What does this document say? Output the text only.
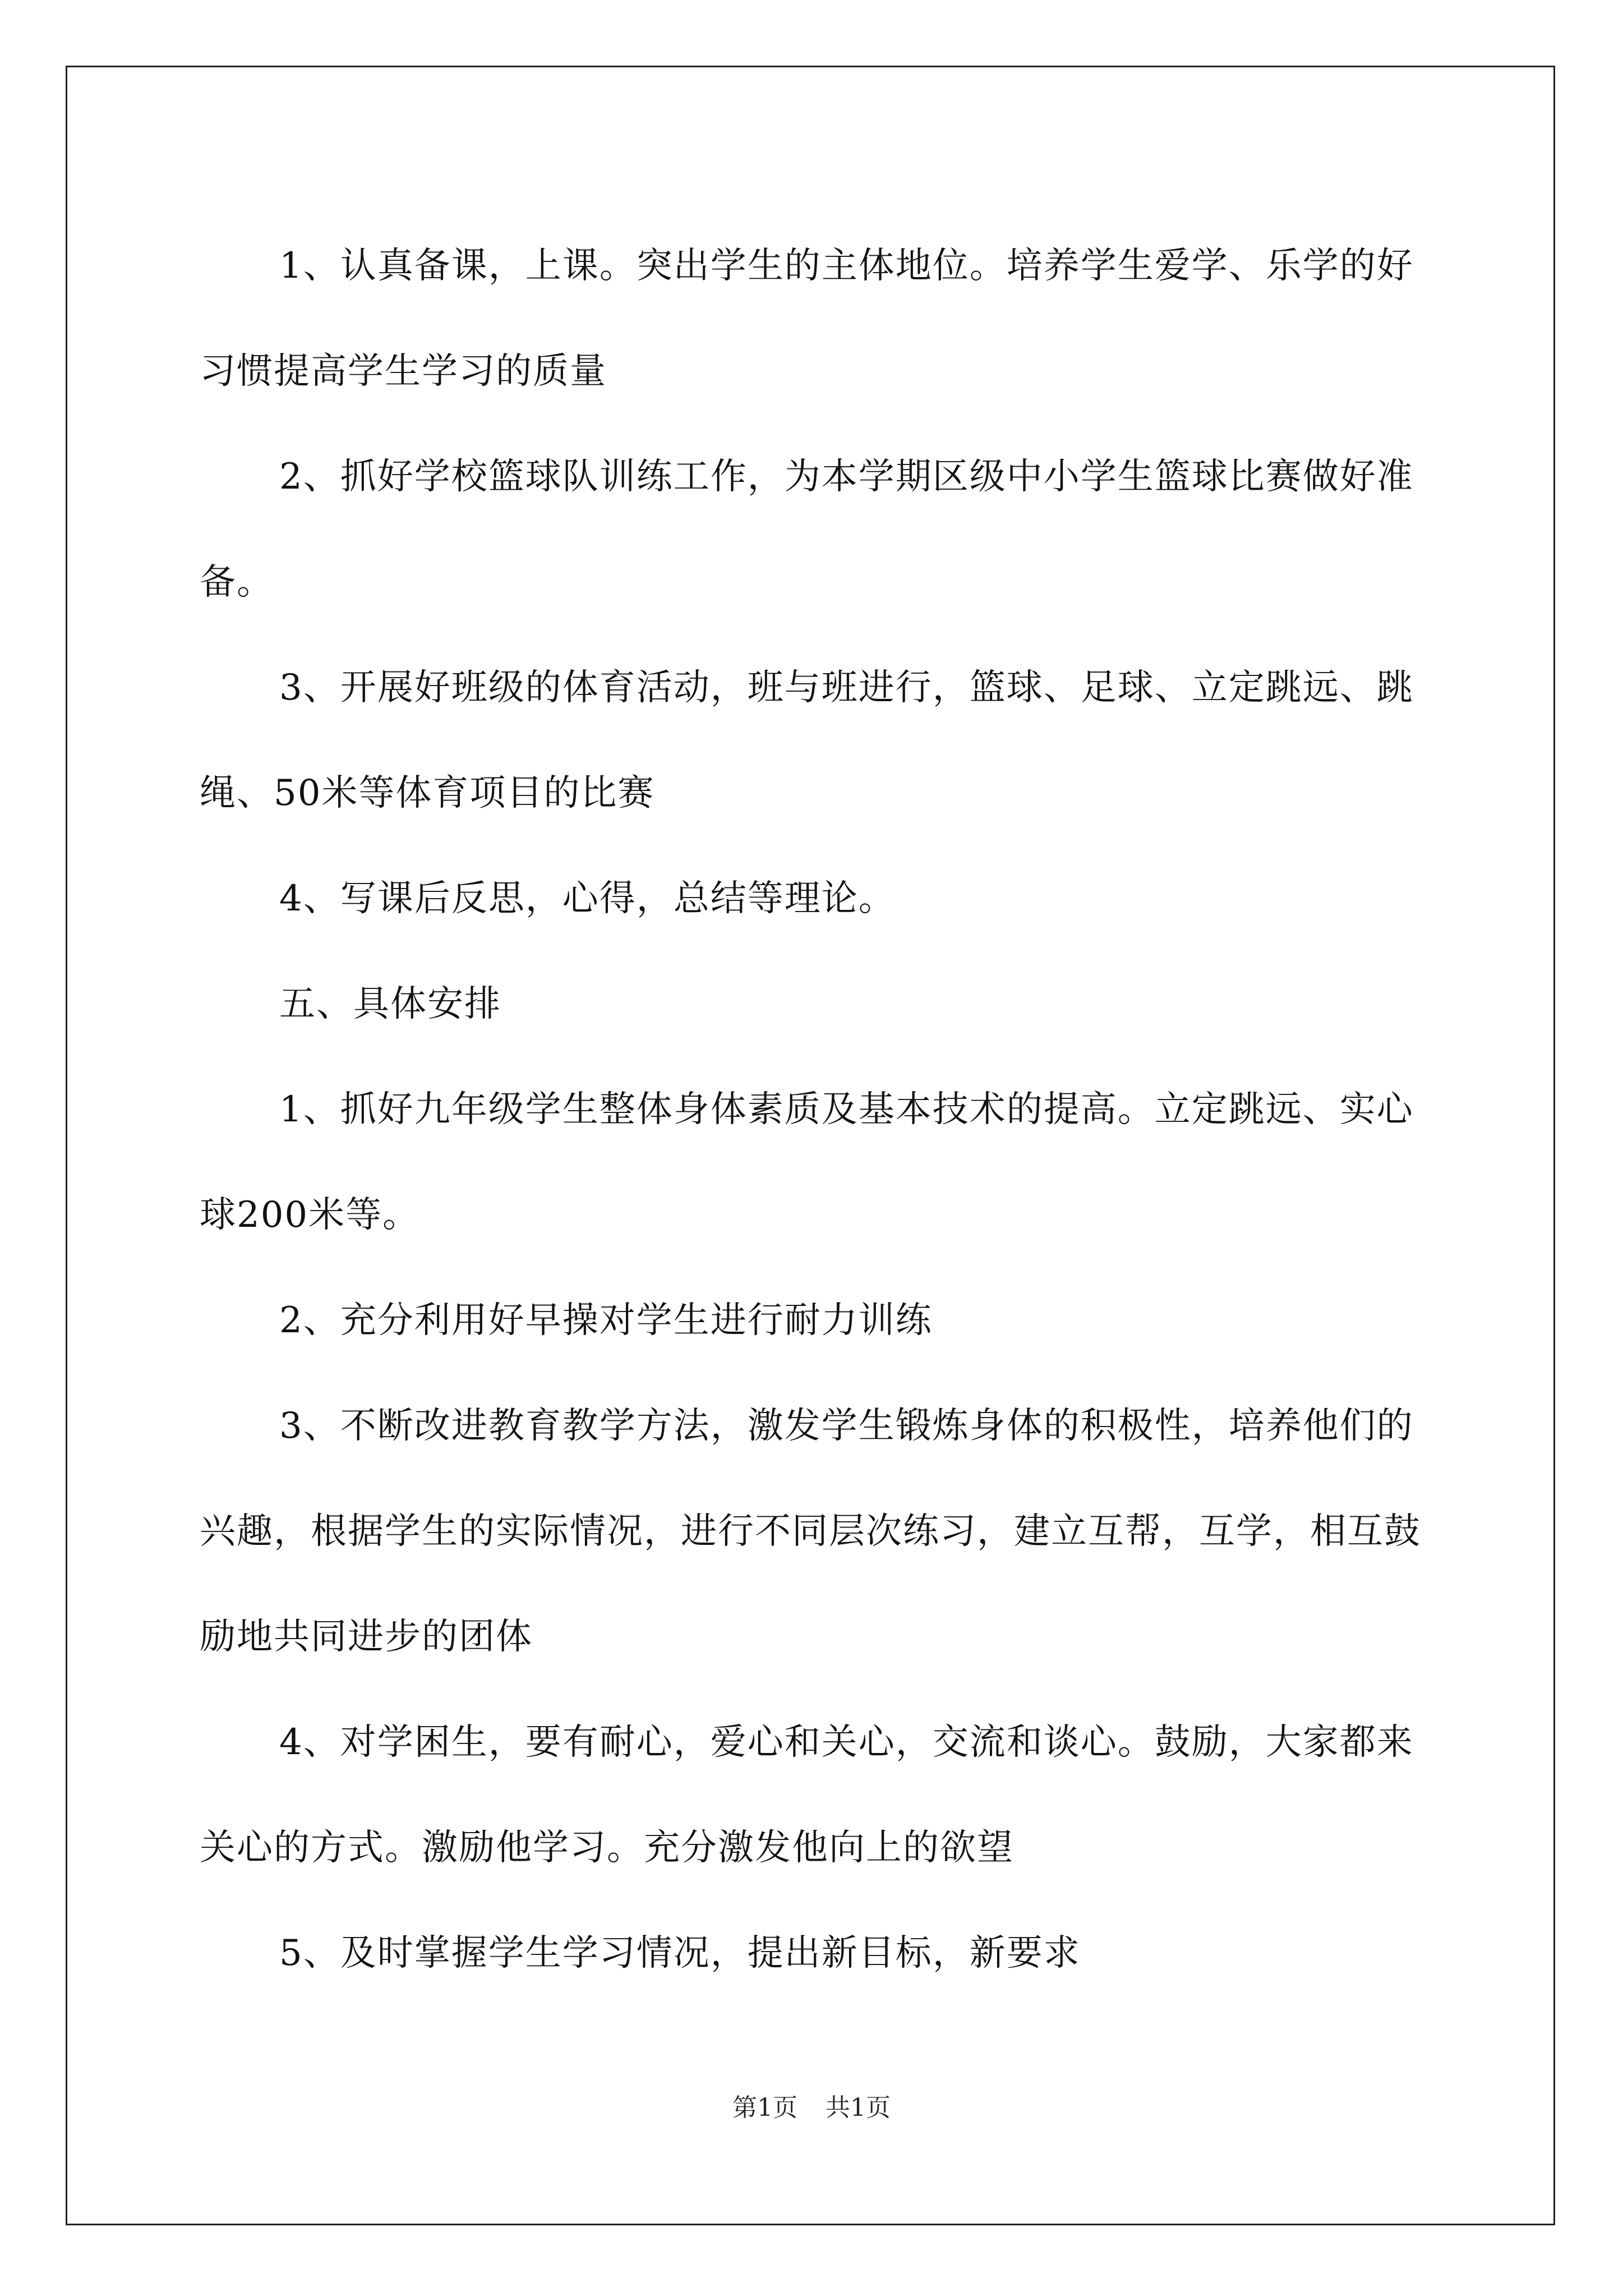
1、认真备课，上课。突出学生的主体地位。培养学生爱学、乐学的好习惯提高学生学习的质量

2、抓好学校篮球队训练工作，为本学期区级中小学生篮球比赛做好准备。

3、开展好班级的体育活动，班与班进行，篮球、足球、立定跳远、跳绳、50米等体育项目的比赛

4、写课后反思，心得，总结等理论。

五、具体安排

1、抓好九年级学生整体身体素质及基本技术的提高。立定跳远、实心球200米等。

2、充分利用好早操对学生进行耐力训练

3、不断改进教育教学方法，激发学生锻炼身体的积极性，培养他们的兴趣，根据学生的实际情况，进行不同层次练习，建立互帮，互学，相互鼓励地共同进步的团体

4、对学困生，要有耐心，爱心和关心，交流和谈心。鼓励，大家都来关心的方式。激励他学习。充分激发他向上的欲望

5、及时掌握学生学习情况，提出新目标，新要求

第1页 共1页
